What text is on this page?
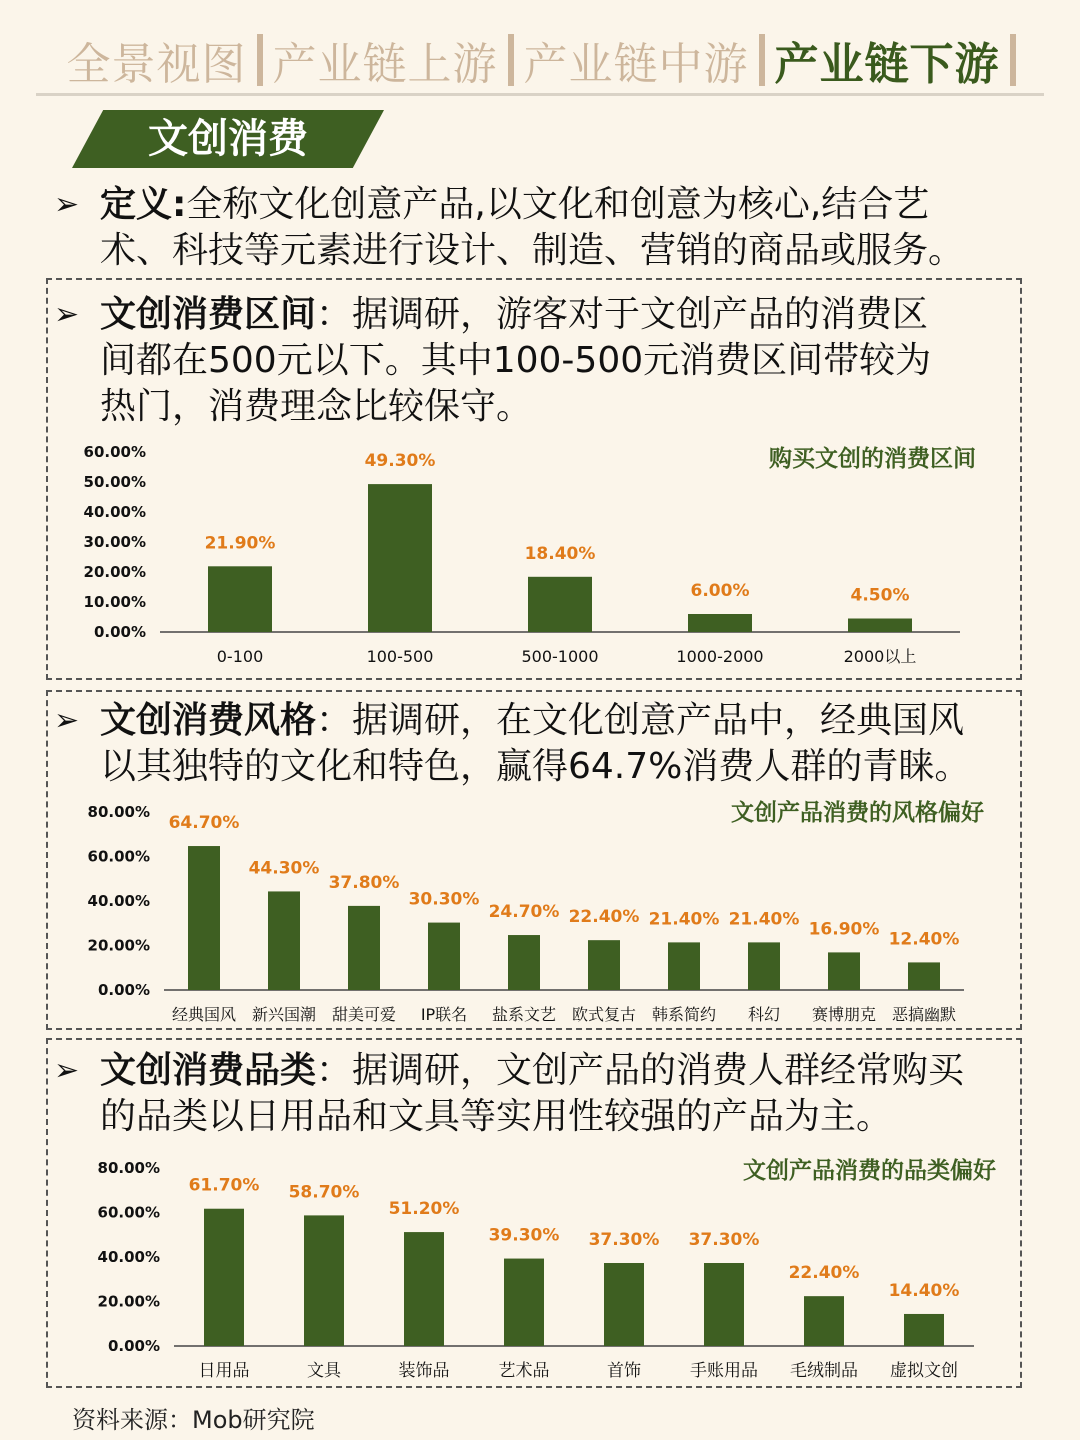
全景视图 产业链上游 产业链中游 产业链下游
文创消费
➢ 定义:全称文化创意产品,以文化和创意为核心,结合艺
术、科技等元素进行设计、制造、营销的商品或服务。
➢ 文创消费区间：据调研，游客对于文创产品的消费区
间都在500元以下。其中100-500元消费区间带较为
热门，消费理念比较保守。
0.00%
10.00%
20.00%
30.00%
40.00%
50.00%
60.00%
21.90%
0-100
49.30%
100-500
18.40%
500-1000
6.00%
1000-2000
4.50%
2000以上
购买文创的消费区间
➢ 文创消费风格：据调研，在文化创意产品中，经典国风
以其独特的文化和特色，赢得64.7%消费人群的青睐。
0.00%
20.00%
40.00%
60.00%
80.00%
64.70%
经典国风
44.30%
新兴国潮
37.80%
甜美可爱
30.30%
IP联名
24.70%
盐系文艺
22.40%
欧式复古
21.40%
韩系简约
21.40%
科幻
16.90%
赛博朋克
12.40%
恶搞幽默
文创产品消费的风格偏好
➢ 文创消费品类：据调研，文创产品的消费人群经常购买
的品类以日用品和文具等实用性较强的产品为主。
0.00%
20.00%
40.00%
60.00%
80.00%
61.70%
日用品
58.70%
文具
51.20%
装饰品
39.30%
艺术品
37.30%
首饰
37.30%
手账用品
22.40%
毛绒制品
14.40%
虚拟文创
文创产品消费的品类偏好
资料来源：Mob研究院
